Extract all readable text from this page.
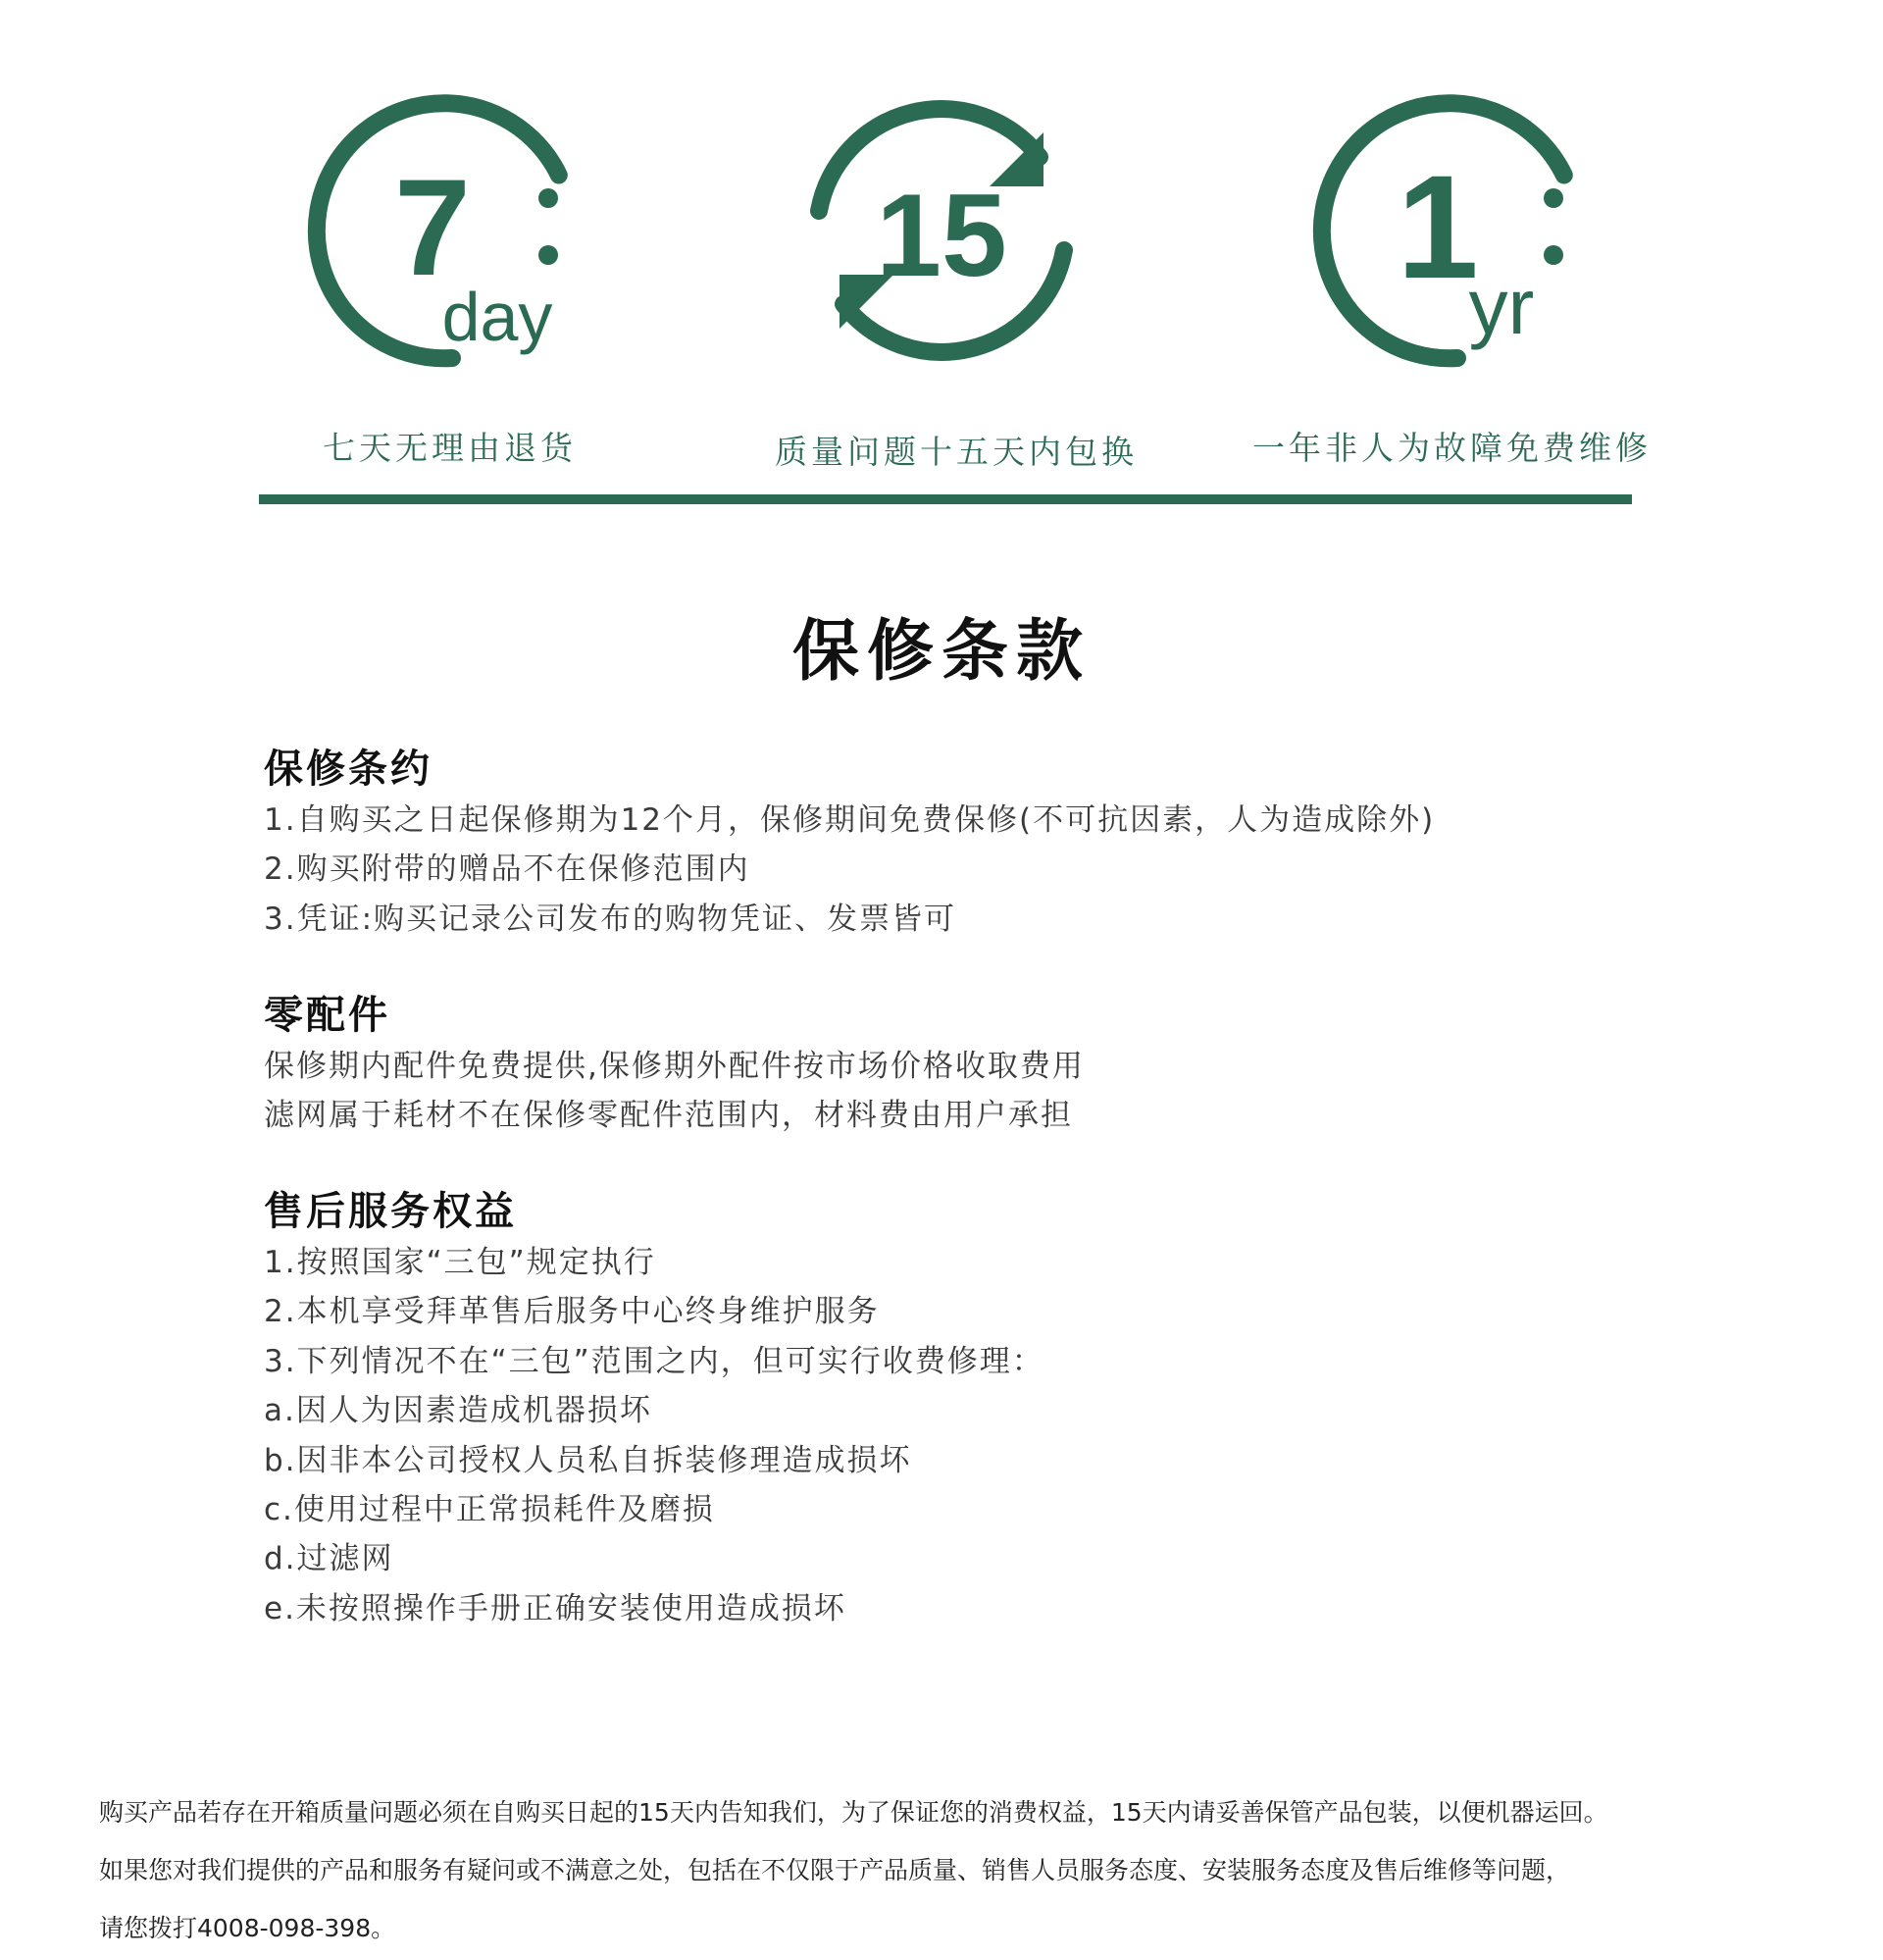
7
day
15	1
yr
七天无理由退货	质量问题十五天内包换	一年非人为故障免费维修
保修条款
保修条约
1.自购买之日起保修期为12个月，保修期间免费保修(不可抗因素，人为造成除外)
2.购买附带的赠品不在保修范围内
3.凭证:购买记录公司发布的购物凭证、发票皆可
零配件
保修期内配件免费提供,保修期外配件按市场价格收取费用
滤网属于耗材不在保修零配件范围内，材料费由用户承担
售后服务权益
1.按照国家“三包”规定执行
2.本机享受拜革售后服务中心终身维护服务
3.下列情况不在“三包”范围之内，但可实行收费修理：
a.因人为因素造成机器损坏
b.因非本公司授权人员私自拆装修理造成损坏
c.使用过程中正常损耗件及磨损
d.过滤网
e.未按照操作手册正确安装使用造成损坏
购买产品若存在开箱质量问题必须在自购买日起的15天内告知我们，为了保证您的消费权益，15天内请妥善保管产品包装，以便机器运回。
如果您对我们提供的产品和服务有疑问或不满意之处，包括在不仅限于产品质量、销售人员服务态度、安装服务态度及售后维修等问题，
请您拨打4008-098-398。
